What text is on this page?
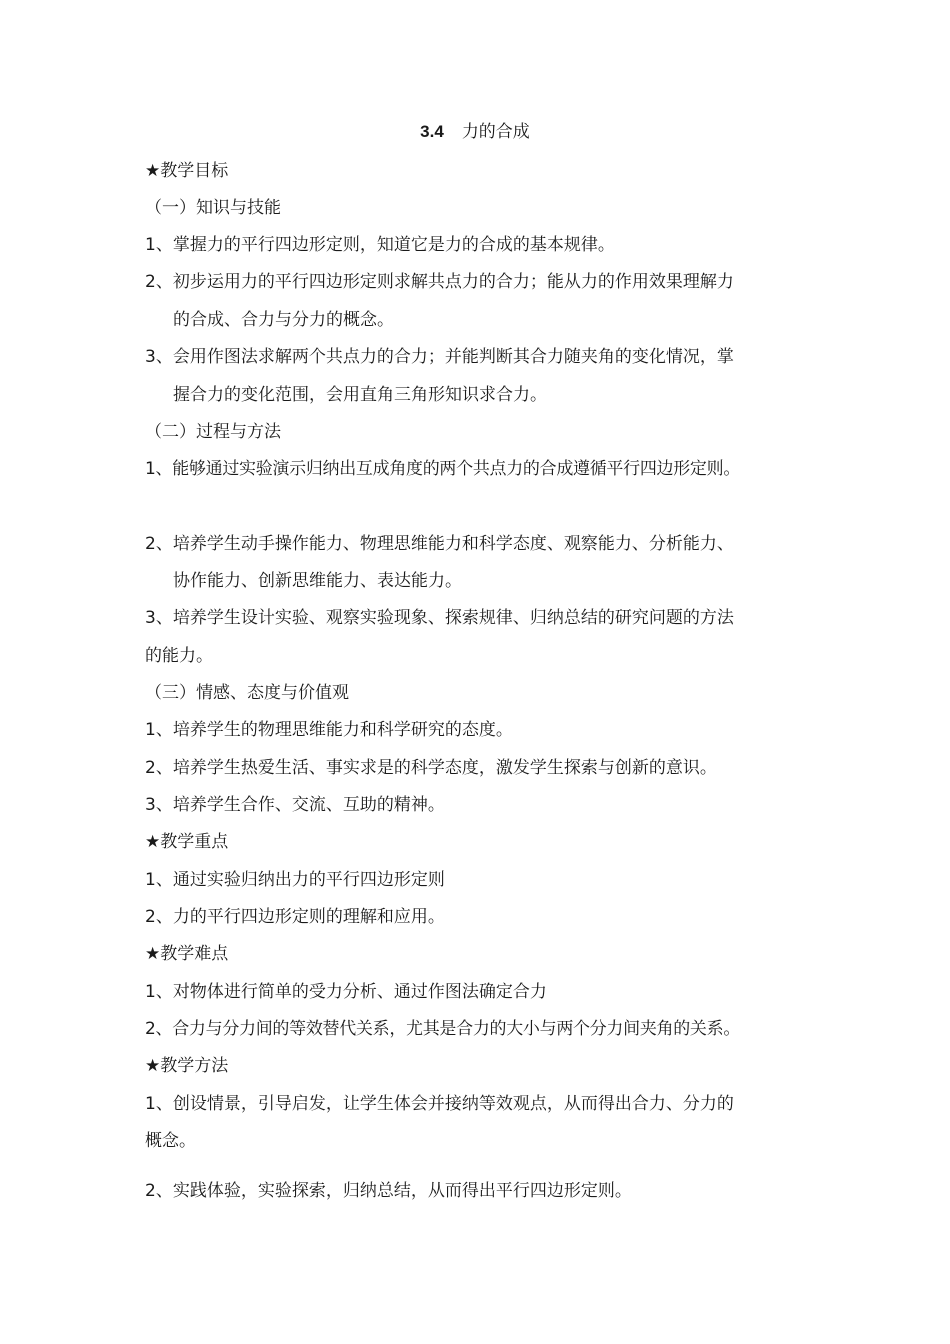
3.4 力的合成
★教学目标
（一）知识与技能
1、掌握力的平行四边形定则，知道它是力的合成的基本规律。
2、初步运用力的平行四边形定则求解共点力的合力；能从力的作用效果理解力
的合成、合力与分力的概念。
3、会用作图法求解两个共点力的合力；并能判断其合力随夹角的变化情况，掌
握合力的变化范围，会用直角三角形知识求合力。
（二）过程与方法
1、能够通过实验演示归纳出互成角度的两个共点力的合成遵循平行四边形定则。
2、培养学生动手操作能力、物理思维能力和科学态度、观察能力、分析能力、
协作能力、创新思维能力、表达能力。
3、培养学生设计实验、观察实验现象、探索规律、归纳总结的研究问题的方法
的能力。
（三）情感、态度与价值观
1、培养学生的物理思维能力和科学研究的态度。
2、培养学生热爱生活、事实求是的科学态度，激发学生探索与创新的意识。
3、培养学生合作、交流、互助的精神。
★教学重点
1、通过实验归纳出力的平行四边形定则
2、力的平行四边形定则的理解和应用。
★教学难点
1、对物体进行简单的受力分析、通过作图法确定合力
2、合力与分力间的等效替代关系，尤其是合力的大小与两个分力间夹角的关系。
★教学方法
1、创设情景，引导启发，让学生体会并接纳等效观点，从而得出合力、分力的
概念。
2、实践体验，实验探索，归纳总结，从而得出平行四边形定则。
